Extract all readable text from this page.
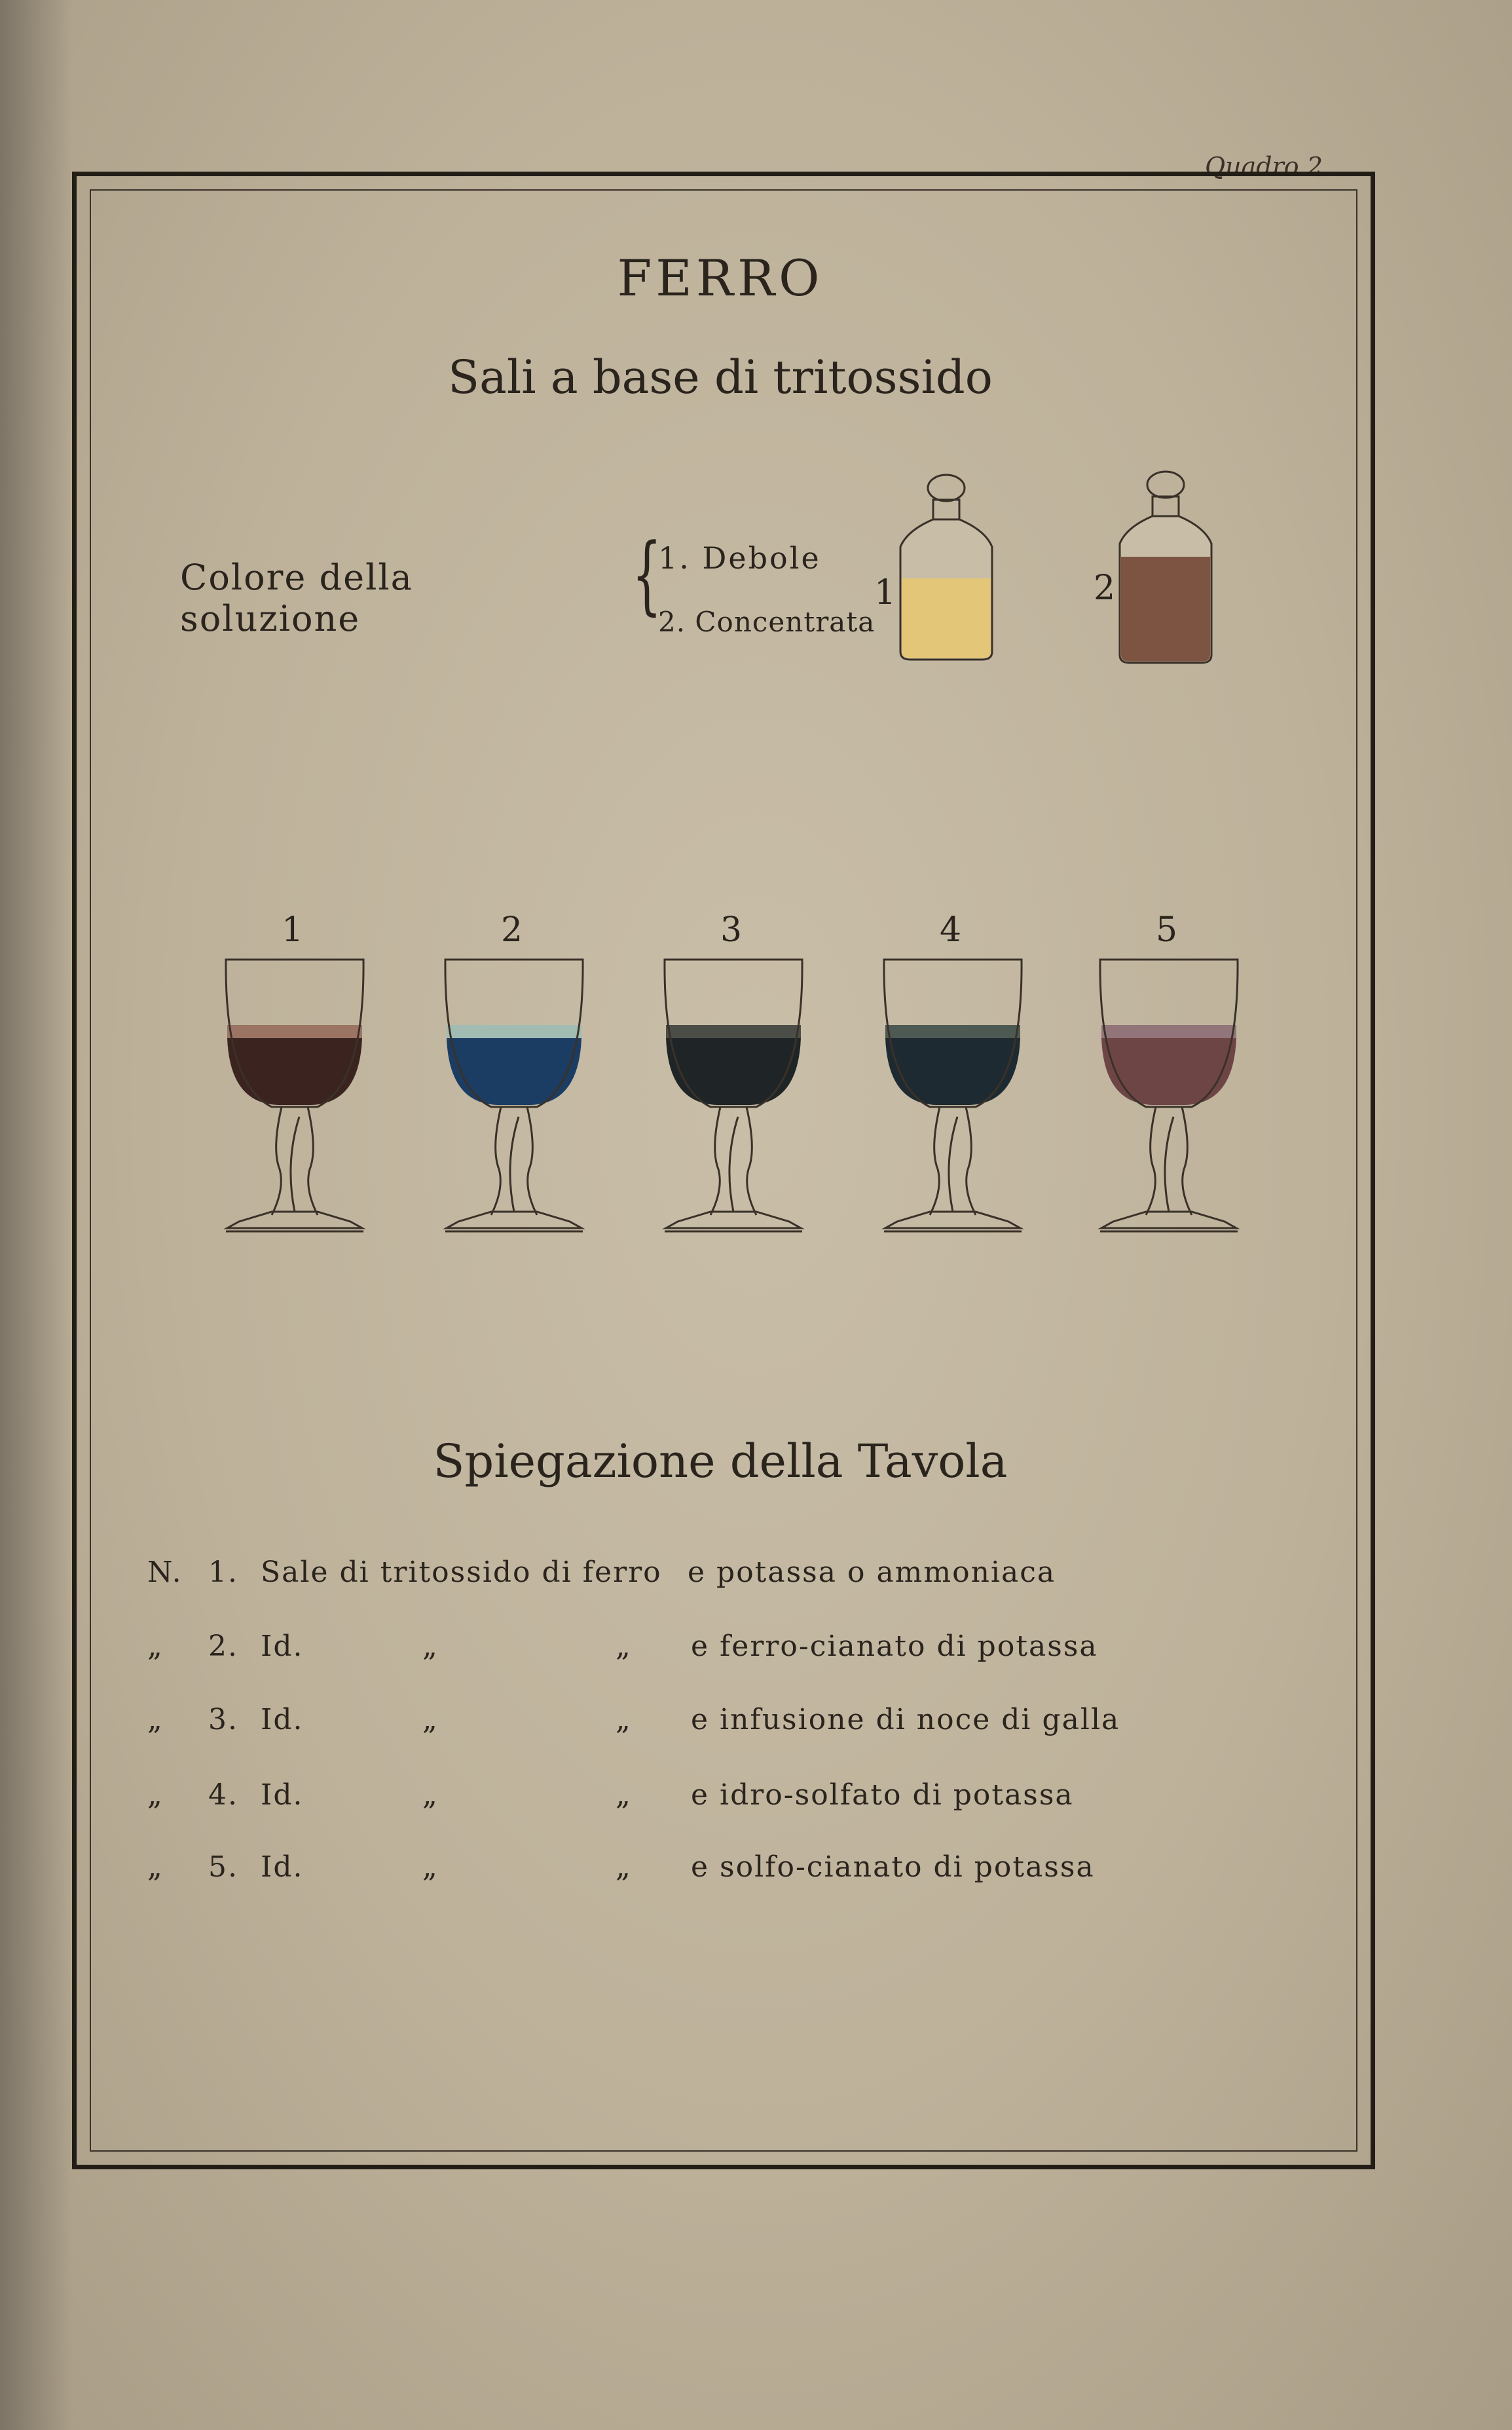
Quadro 2.
FERRO
Sali a base di tritossido
Colore della soluzione	{
1. Debole
2. Concentrata
1	2
1	2	3	4	5
Spiegazione della Tavola
N. 1. Sale di tritossido di ferro e potassa o ammoniaca
„ 2. Id.	„	„ e ferro-cianato di potassa
„ 3. Id.	„	„ e infusione di noce di galla
„ 4. Id.	„	„ e idro-solfato di potassa
„ 5. Id.	„	„ e solfo-cianato di potassa
